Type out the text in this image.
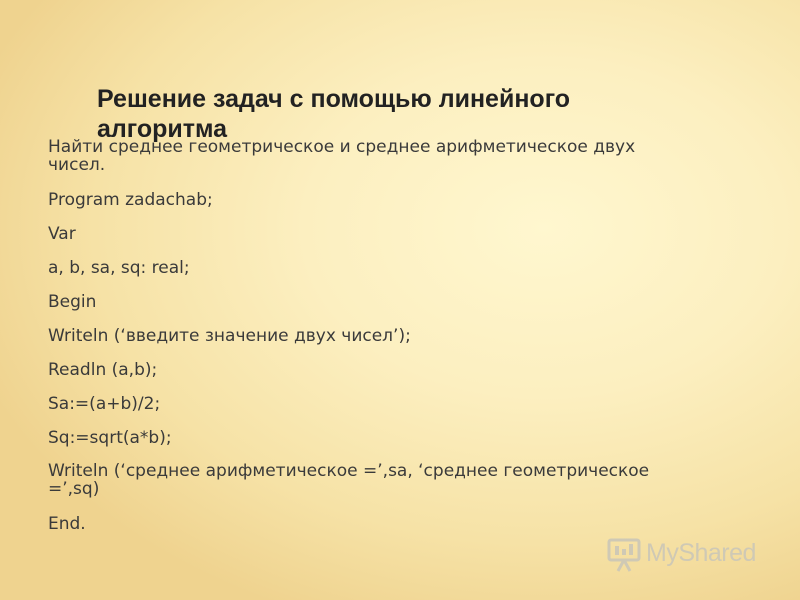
Решение задач с помощью линейного
алгоритма
Найти среднее геометрическое и среднее арифметическое двух
чисел.
Program zadachab;
Var
a, b, sa, sq: real;
Begin
Writeln (‘введите значение двух чисел’);
Readln (a,b);
Sa:=(a+b)/2;
Sq:=sqrt(a*b);
Writeln (‘среднее арифметическое =’,sa, ‘среднее геометрическое
=’,sq)
End.
MyShared
